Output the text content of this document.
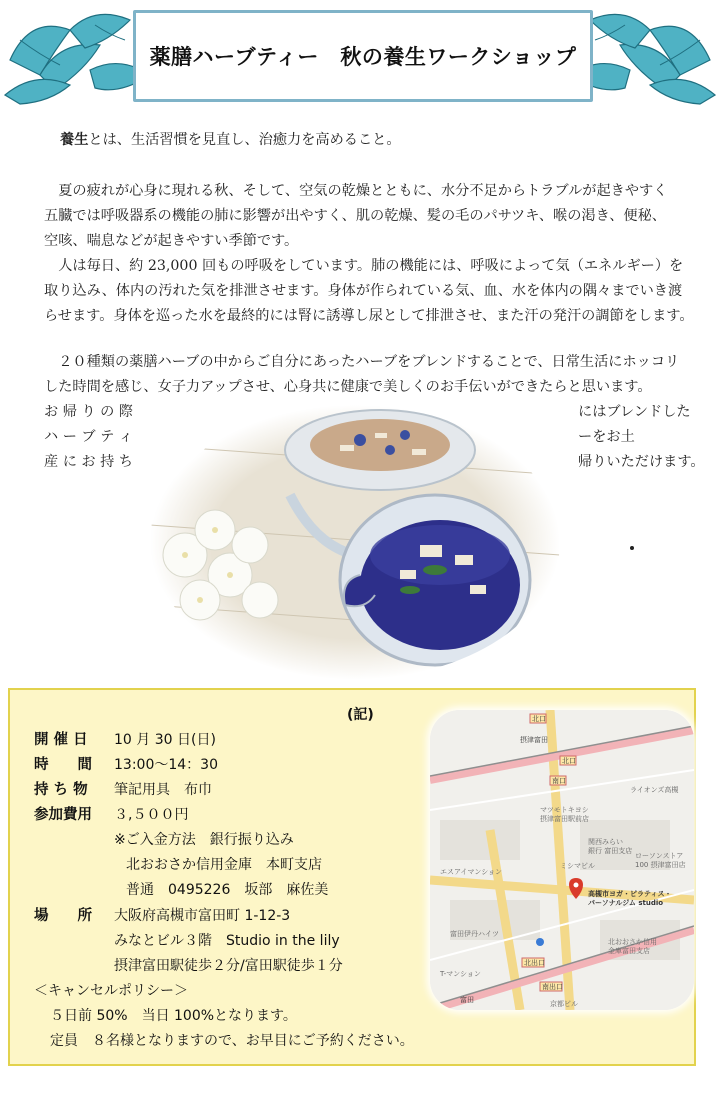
薬膳ハーブティー　秋の養生ワークショップ
養生とは、生活習慣を見直し、治癒力を高めること。
　夏の疲れが心身に現れる秋、そして、空気の乾燥とともに、水分不足からトラブルが起きやすく
五臓では呼吸器系の機能の肺に影響が出やすく、肌の乾燥、髪の毛のパサツキ、喉の渇き、便秘、
空咳、喘息などが起きやすい季節です。
　人は毎日、約 23,000 回もの呼吸をしています。肺の機能には、呼吸によって気（エネルギー）を
取り込み、体内の汚れた気を排泄させます。身体が作られている気、血、水を体内の隅々までいき渡
らせます。身体を巡った水を最終的には腎に誘導し尿として排泄させ、また汗の発汗の調節をします。
　２０種類の薬膳ハーブの中からご自分にあったハーブをブレンドすることで、日常生活にホッコリ
した時間を感じ、女子力アップさせ、心身共に健康で美しくのお手伝いができたらと思います。
お 帰 り の 際
ハ ー ブ テ ィ
産 に お 持 ち
にはブレンドした
ーをお土
帰りいただけます。
(記)
開 催 日 10 月 30 日(日)
時　　間 13:00〜14：30
持 ち 物 筆記用具　布巾
参加費用 ３,５００円
※ご入金方法　銀行振り込み
北おおさか信用金庫　本町支店
普通　0495226　坂部　麻佐美
場　　所 大阪府高槻市富田町 1-12-3
みなとビル３階　Studio in the lily
摂津富田駅徒歩２分/富田駅徒歩１分
＜キャンセルポリシー＞
５日前 50%　当日 100%となります。
定員　８名様となりますので、お早目にご予約ください。
北口
摂津富田
北口
南口
ライオンズ高槻
マツモトキヨシ
摂津富田駅前店
関西みらい
銀行 富田支店
ローソンストア
100 摂津富田店
ミシマビル
エスアイマンション
高槻市ヨガ・ピラティス・
パーソナルジム studio
富田伊丹ハイツ
北おおさか信用
金庫富田支店
北出口
T-マンション
南出口
富田	京都ビル
